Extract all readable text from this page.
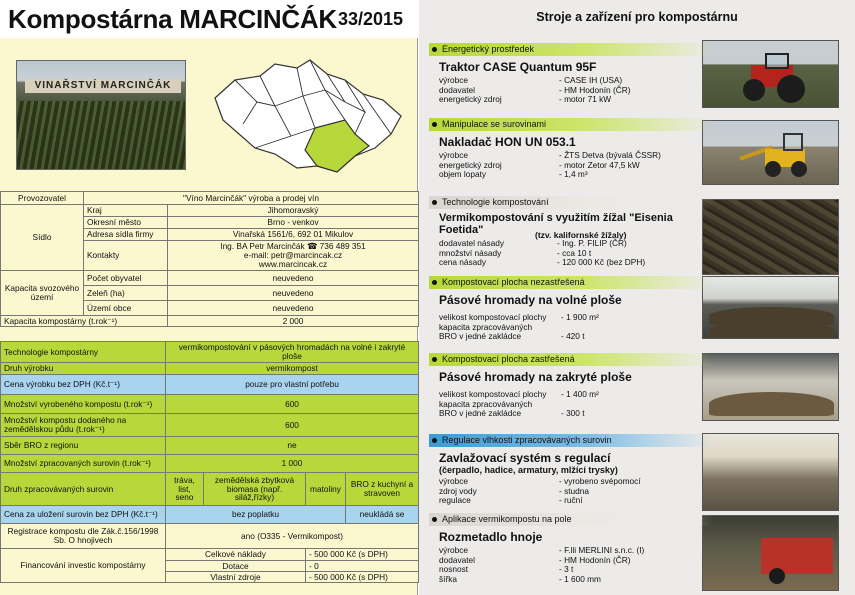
Kompostárna MARCINČÁK 33/2015
VINAŘSTVÍ MARCINČÁK
Provozovatel	"Víno Marcinčák" výroba a prodej vín	
Sídlo	Kraj	Jihomoravský
	Okresní město	Brno - venkov
	Adresa sídla firmy	Vinařská 1561/6, 692 01 Mikulov
	Kontakty	Ing. BA Petr Marcinčák ☎ 736 489 351
e-mail: petr@marcincak.cz
www.marcincak.cz

Kapacita svozového území	Počet obyvatel	neuvedeno
	Zeleň (ha)	neuvedeno
	Území obce	neuvedeno
Kapacita kompostárny (t.rok⁻¹)		2 000
Technologie kompostárny	vermikompostování v pásových hromadách na volné i zakryté ploše			
Druh výrobku	vermikompost			
Cena výrobku bez DPH (Kč.t⁻¹)	pouze pro vlastní potřebu			
Množství vyrobeného kompostu (t.rok⁻¹)	600			
Množství kompostu dodaného na zemědělskou půdu (t.rok⁻¹)	600			
Sběr BRO z regionu	ne			
Množství zpracovaných surovin (t.rok⁻¹)	1 000			
Druh zpracovávaných surovin	tráva, list, seno	zemědělská zbytková biomasa (např. siláž,řízky)	matoliny	BRO z kuchyní a stravoven
Cena za uložení surovin bez DPH (Kč.t⁻¹)	bez poplatku			neukládá se
Registrace kompostu dle Zák.č.156/1998 Sb. O hnojivech	ano (O335 - Vermikompost)			
Financování investic kompostárny	Celkové náklady		- 500 000 Kč (s DPH)	
	Dotace		- 0	
	Vlastní zdroje		- 500 000 Kč (s DPH)	
Stroje a zařízení pro kompostárnu
Energetický prostředek
Traktor CASE Quantum 95F
výrobce	- CASE IH (USA)
dodavatel	- HM Hodonín (ČR)
energetický zdroj	- motor 71 kW
Manipulace se surovinami
Nakladač HON UN 053.1
výrobce	- ŽTS Detva (bývalá ČSSR)
energetický zdroj	- motor Zetor 47,5 kW
objem lopaty	- 1,4 m³
Technologie kompostování
Vermikompostování s využitím žížal "Eisenia Foetida"	(tzv. kalifornské žížaly)
dodavatel násady	- Ing. P. FILIP (ČR)
množství násady	- cca 10 t
cena násady	- 120 000 Kč (bez DPH)
Kompostovací plocha nezastřešená
Pásové hromady na volné ploše
velikost kompostovací plochy - 1 900 m²
kapacita zpracovávaných BRO v jedné zakládce	- 420 t
Kompostovací plocha zastřešená
Pásové hromady na zakryté ploše
velikost kompostovací plochy - 1 400 m²
kapacita zpracovávaných BRO v jedné zakládce	- 300 t
Regulace vlhkosti zpracovávaných surovin
Zavlažovací systém s regulací
(čerpadlo, hadice, armatury, mlžící trysky)
výrobce	- vyrobeno svépomocí
zdroj vody	- studna
regulace	- ruční
Aplikace vermikompostu na pole
Rozmetadlo hnoje
výrobce	- F.lli MERLINI s.n.c. (I)
dodavatel	- HM Hodonín (ČR)
nosnost	- 3 t
šířka	- 1 600 mm
